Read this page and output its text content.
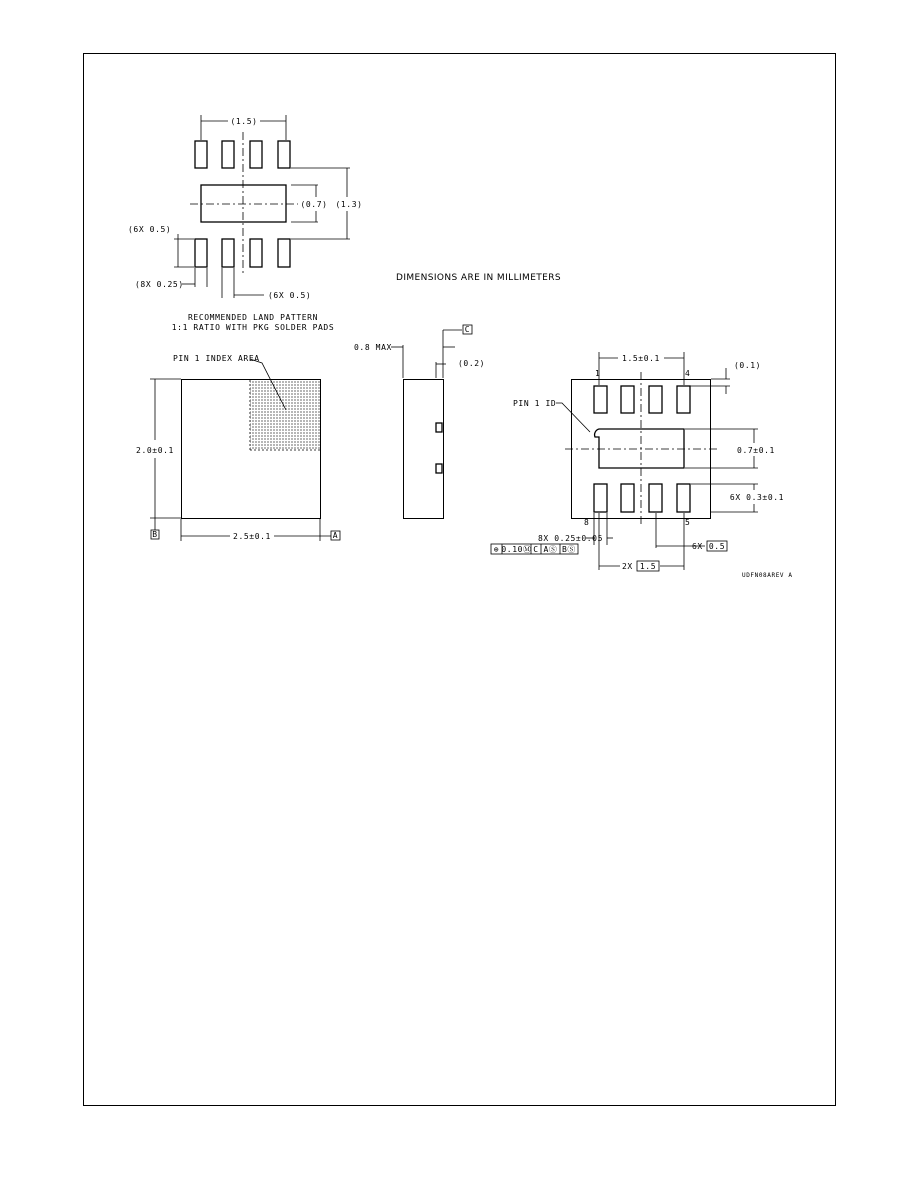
(1.5)
(0.7) (1.3)
(6X 0.5)
(8X 0.25)
(6X 0.5)
RECOMMENDED LAND PATTERN
1:1 RATIO WITH PKG SOLDER PADS
DIMENSIONS ARE IN MILLIMETERS
PIN 1 INDEX AREA
2.0±0.1
B	2.5±0.1	A
0.8 MAX
C
(0.2)
1	4
8	5
PIN 1 ID
1.5±0.1
(0.1)
0.7±0.1
6X 0.3±0.1
8X 0.25±0.05
⊕ 0.10Ⓜ C AⓈ BⓈ	6X 0.5
2X 1.5
UDFN08AREV A
